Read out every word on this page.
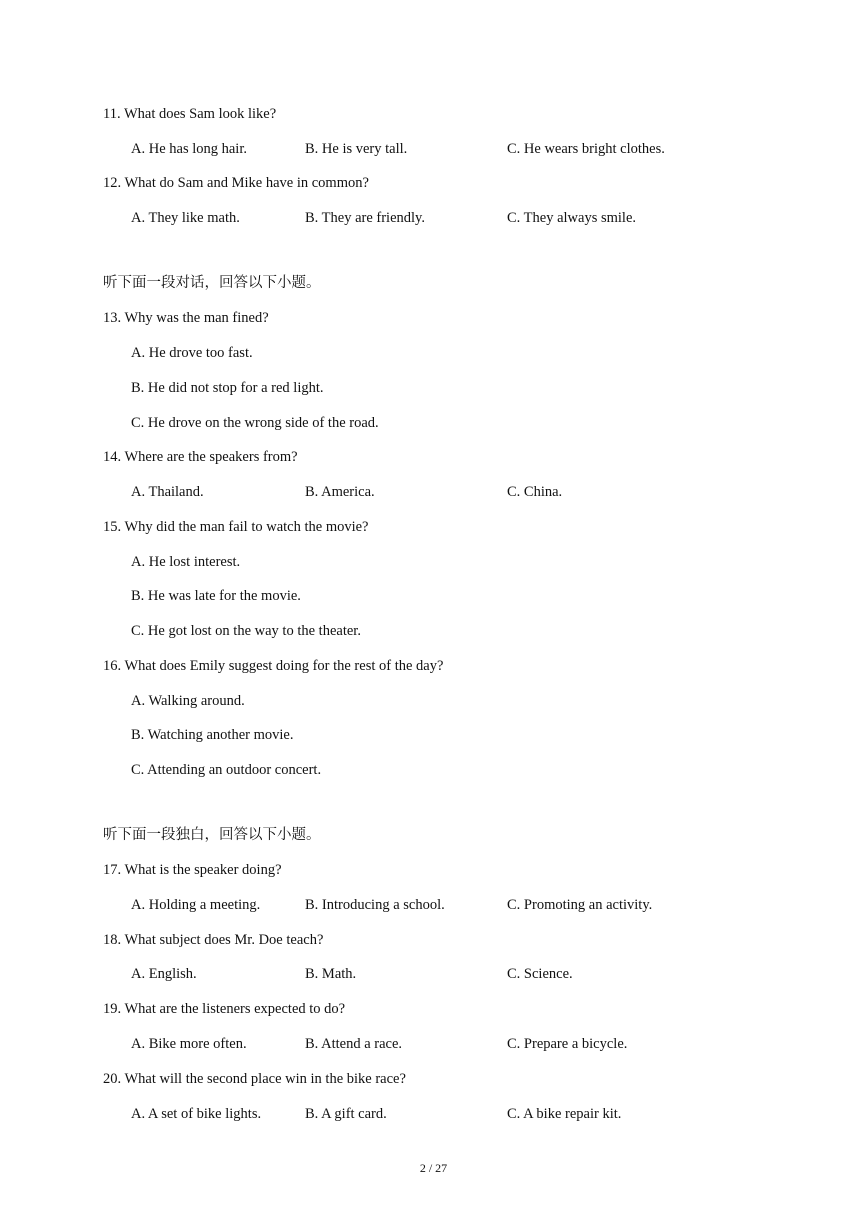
11. What does Sam look like?
A. He has long hair.	B. He is very tall.	C. He wears bright clothes.
12. What do Sam and Mike have in common?
A. They like math.	B. They are friendly.	C. They always smile.
听下面一段对话，回答以下小题。
13. Why was the man fined?
A. He drove too fast.
B. He did not stop for a red light.
C. He drove on the wrong side of the road.
14. Where are the speakers from?
A. Thailand.	B. America.	C. China.
15. Why did the man fail to watch the movie?
A. He lost interest.
B. He was late for the movie.
C. He got lost on the way to the theater.
16. What does Emily suggest doing for the rest of the day?
A. Walking around.
B. Watching another movie.
C. Attending an outdoor concert.
听下面一段独白，回答以下小题。
17. What is the speaker doing?
A. Holding a meeting.	B. Introducing a school.	C. Promoting an activity.
18. What subject does Mr. Doe teach?
A. English.	B. Math.	C. Science.
19. What are the listeners expected to do?
A. Bike more often.	B. Attend a race.	C. Prepare a bicycle.
20. What will the second place win in the bike race?
A. A set of bike lights.	B. A gift card.	C. A bike repair kit.
2 / 27
